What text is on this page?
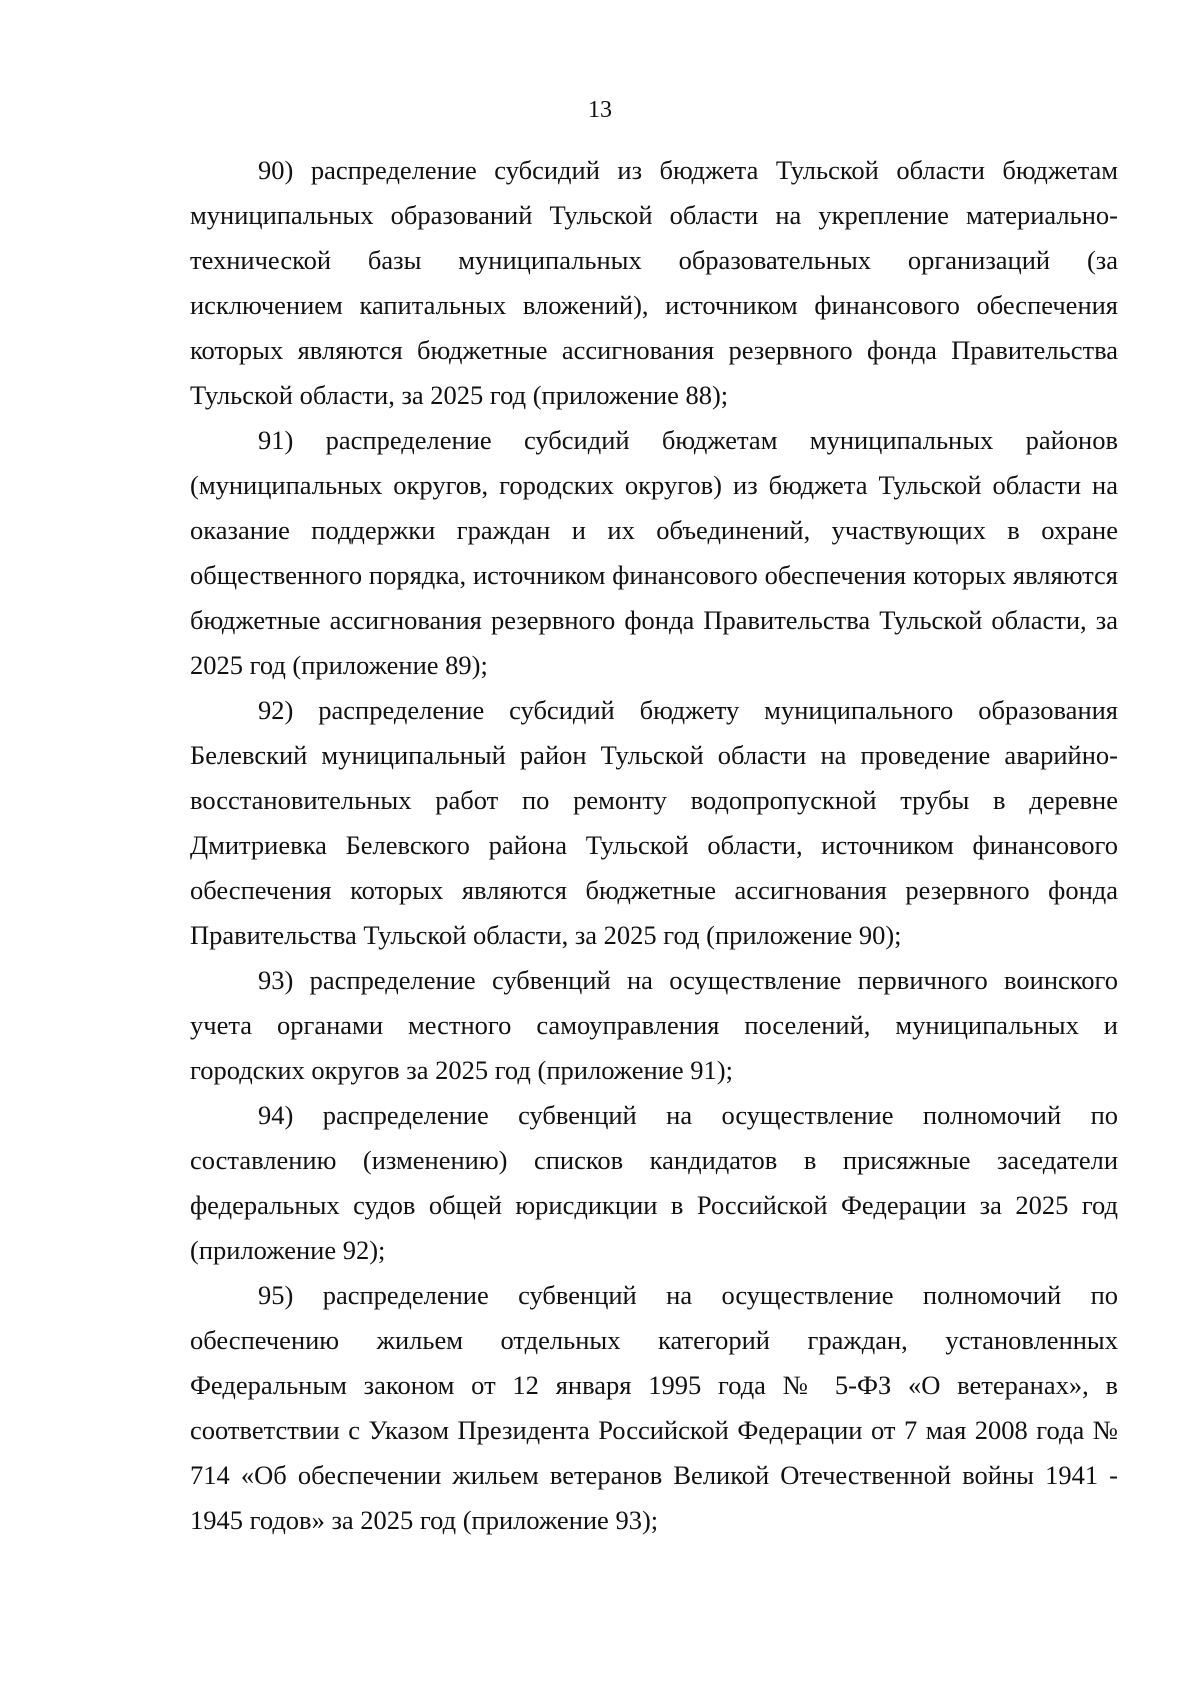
13

90) распределение субсидий из бюджета Тульской области бюджетам муниципальных образований Тульской области на укрепление материально-технической базы муниципальных образовательных организаций (за исключением капитальных вложений), источником финансового обеспечения которых являются бюджетные ассигнования резервного фонда Правительства Тульской области, за 2025 год (приложение 88);

91) распределение субсидий бюджетам муниципальных районов (муниципальных округов, городских округов) из бюджета Тульской области на оказание поддержки граждан и их объединений, участвующих в охране общественного порядка, источником финансового обеспечения которых являются бюджетные ассигнования резервного фонда Правительства Тульской области, за 2025 год (приложение 89);

92) распределение субсидий бюджету муниципального образования Белевский муниципальный район Тульской области на проведение аварийно-восстановительных работ по ремонту водопропускной трубы в деревне Дмитриевка Белевского района Тульской области, источником финансового обеспечения которых являются бюджетные ассигнования резервного фонда Правительства Тульской области, за 2025 год (приложение 90);

93) распределение субвенций на осуществление первичного воинского учета органами местного самоуправления поселений, муниципальных и городских округов за 2025 год (приложение 91);

94) распределение субвенций на осуществление полномочий по составлению (изменению) списков кандидатов в присяжные заседатели федеральных судов общей юрисдикции в Российской Федерации за 2025 год (приложение 92);

95) распределение субвенций на осуществление полномочий по обеспечению жильем отдельных категорий граждан, установленных Федеральным законом от 12 января 1995 года № 5-ФЗ «О ветеранах», в соответствии с Указом Президента Российской Федерации от 7 мая 2008 года № 714 «Об обеспечении жильем ветеранов Великой Отечественной войны 1941 - 1945 годов» за 2025 год (приложение 93);
